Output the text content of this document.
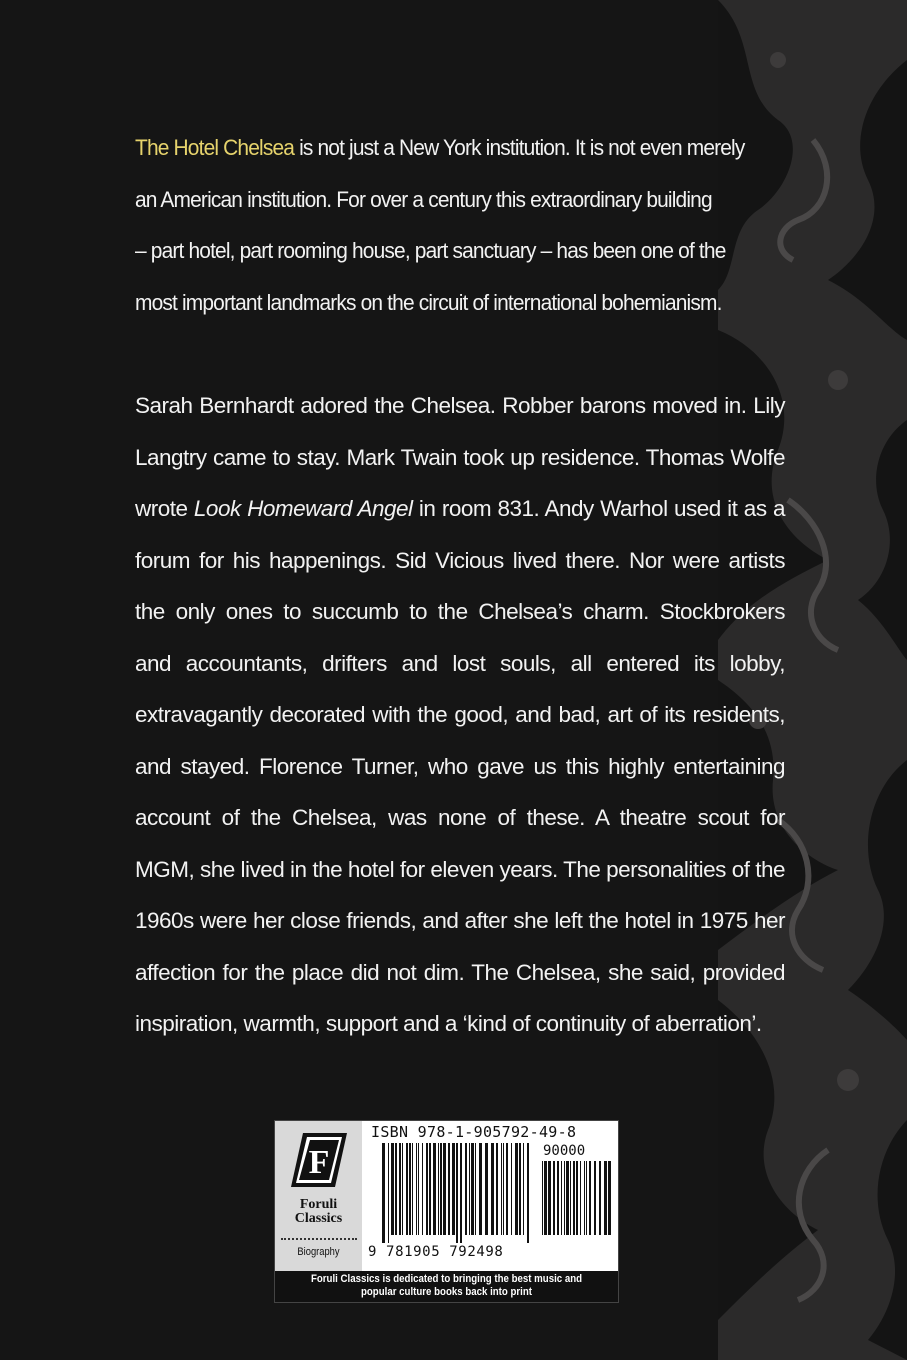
The Hotel Chelsea is not just a New York institution. It is not even merely
an American institution. For over a century this extraordinary building
– part hotel, part rooming house, part sanctuary – has been one of the
most important landmarks on the circuit of international bohemianism.
Sarah Bernhardt adored the Chelsea. Robber barons moved in. Lily
Langtry came to stay. Mark Twain took up residence. Thomas Wolfe
wrote Look Homeward Angel in room 831. Andy Warhol used it as a
forum for his happenings. Sid Vicious lived there. Nor were artists
the only ones to succumb to the Chelsea’s charm. Stockbrokers
and accountants, drifters and lost souls, all entered its lobby,
extravagantly decorated with the good, and bad, art of its residents,
and stayed. Florence Turner, who gave us this highly entertaining
account of the Chelsea, was none of these. A theatre scout for
MGM, she lived in the hotel for eleven years. The personalities of the
1960s were her close friends, and after she left the hotel in 1975 her
affection for the place did not dim. The Chelsea, she said, provided
inspiration, warmth, support and a ‘kind of continuity of aberration’.
F
Foruli
Classics
Biography
ISBN 978-1-905792-49-8
90000
9 781905 792498
Foruli Classics is dedicated to bringing the best music and
popular culture books back into print
